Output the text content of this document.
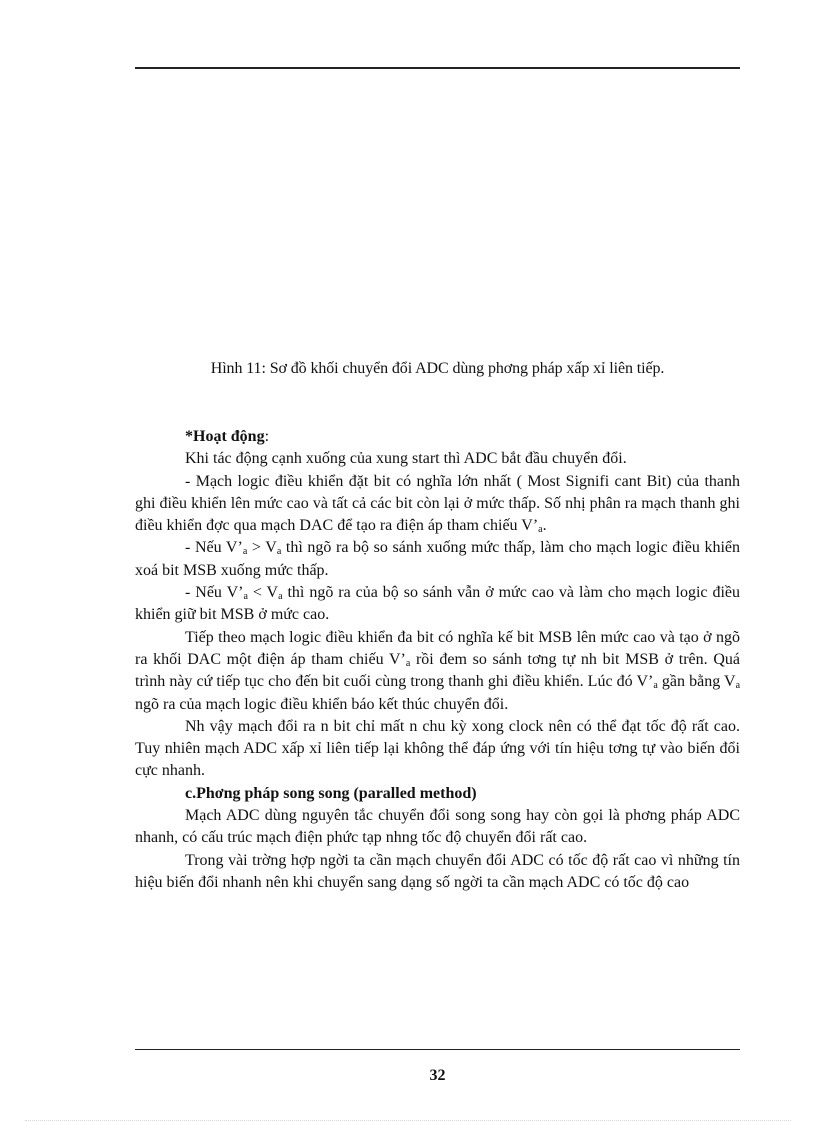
Hình 11: Sơ đồ khối chuyển đổi ADC dùng phơng pháp xấp xỉ liên tiếp.

*Hoạt động:

Khi tác động cạnh xuống của xung start thì ADC bắt đầu chuyển đổi.

- Mạch logic điều khiển đặt bit có nghĩa lớn nhất ( Most Signifi cant Bit) của thanh ghi điều khiển lên mức cao và tất cả các bit còn lại ở mức thấp. Số nhị phân ra mạch thanh ghi điều khiển đợc qua mạch DAC để tạo ra điện áp tham chiếu $V’_a$.

- Nếu $V’_a > V_a$ thì ngõ ra bộ so sánh xuống mức thấp, làm cho mạch logic điều khiển xoá bit MSB xuống mức thấp.

- Nếu $V’_a < V_a$ thì ngõ ra của bộ so sánh vẫn ở mức cao và làm cho mạch logic điều khiển giữ bit MSB ở mức cao.

Tiếp theo mạch logic điều khiển đa bit có nghĩa kế bit MSB lên mức cao và tạo ở ngõ ra khối DAC một điện áp tham chiếu $V’_a$ rồi đem so sánh tơng tự nh bit MSB ở trên. Quá trình này cứ tiếp tục cho đến bit cuối cùng trong thanh ghi điều khiển. Lúc đó $V’_a$ gần bằng $V_a$ ngõ ra của mạch logic điều khiển báo kết thúc chuyển đổi.

Nh vậy mạch đổi ra n bit chỉ mất n chu kỳ xong clock nên có thể đạt tốc độ rất cao. Tuy nhiên mạch ADC xấp xỉ liên tiếp lại không thể đáp ứng với tín hiệu tơng tự vào biến đổi cực nhanh.

c.Phơng pháp song song (paralled method)

Mạch ADC dùng nguyên tắc chuyển đổi song song hay còn gọi là phơng pháp ADC nhanh, có cấu trúc mạch điện phức tạp nhng tốc độ chuyển đổi rất cao.

Trong vài trờng hợp ngời ta cần mạch chuyển đổi ADC có tốc độ rất cao vì những tín hiệu biến đổi nhanh nên khi chuyển sang dạng số ngời ta cần mạch ADC có tốc độ cao

32
